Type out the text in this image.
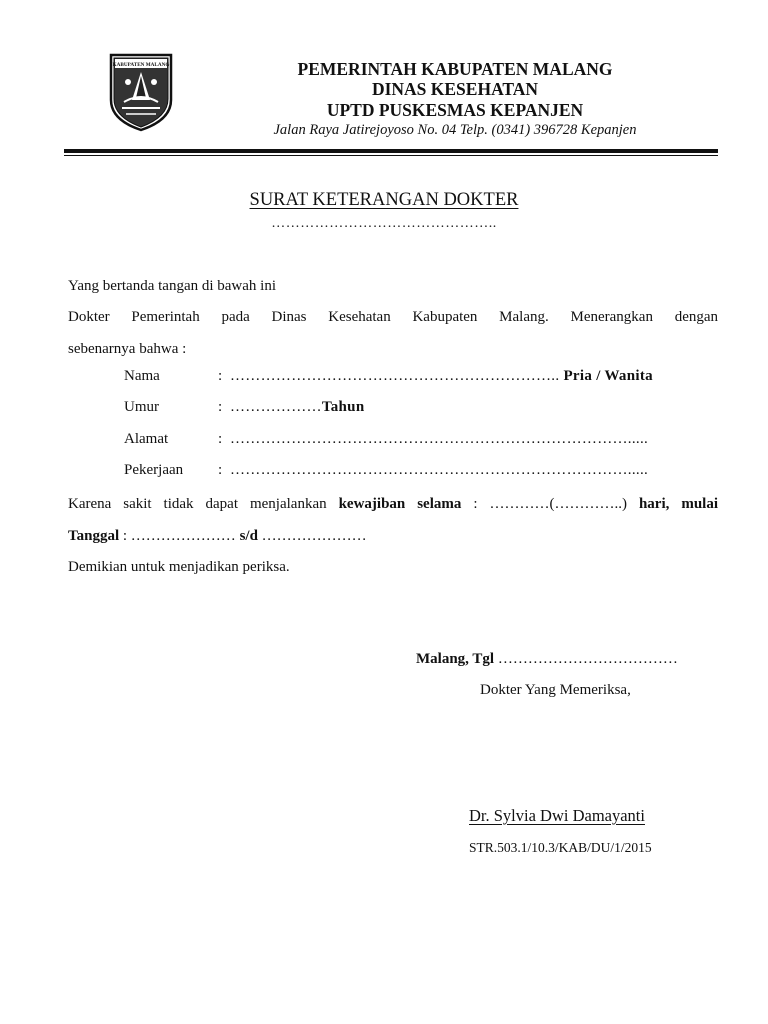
KABUPATEN MALANG	PEMERINTAH KABUPATEN MALANG
DINAS KESEHATAN
UPTD PUSKESMAS KEPANJEN
Jalan Raya Jatirejoyoso No. 04 Telp. (0341) 396728 Kepanjen
SURAT KETERANGAN DOKTER
………………………………………..
Yang bertanda tangan di bawah ini
Dokter Pemerintah pada Dinas Kesehatan Kabupaten Malang. Menerangkan dengan
sebenarnya bahwa :
Nama	: ……………………………………………………….. Pria / Wanita
Umur	: ………………Tahun
Alamat	: …………………………………………………………………….....
Pekerjaan : …………………………………………………………………….....
Karena sakit tidak dapat menjalankan kewajiban selama : …………(…………..) hari, mulai
Tanggal : ………………… s/d …………………
Demikian untuk menjadikan periksa.
Malang, Tgl ………………………………
Dokter Yang Memeriksa,
Dr. Sylvia Dwi Damayanti
STR.503.1/10.3/KAB/DU/1/2015
